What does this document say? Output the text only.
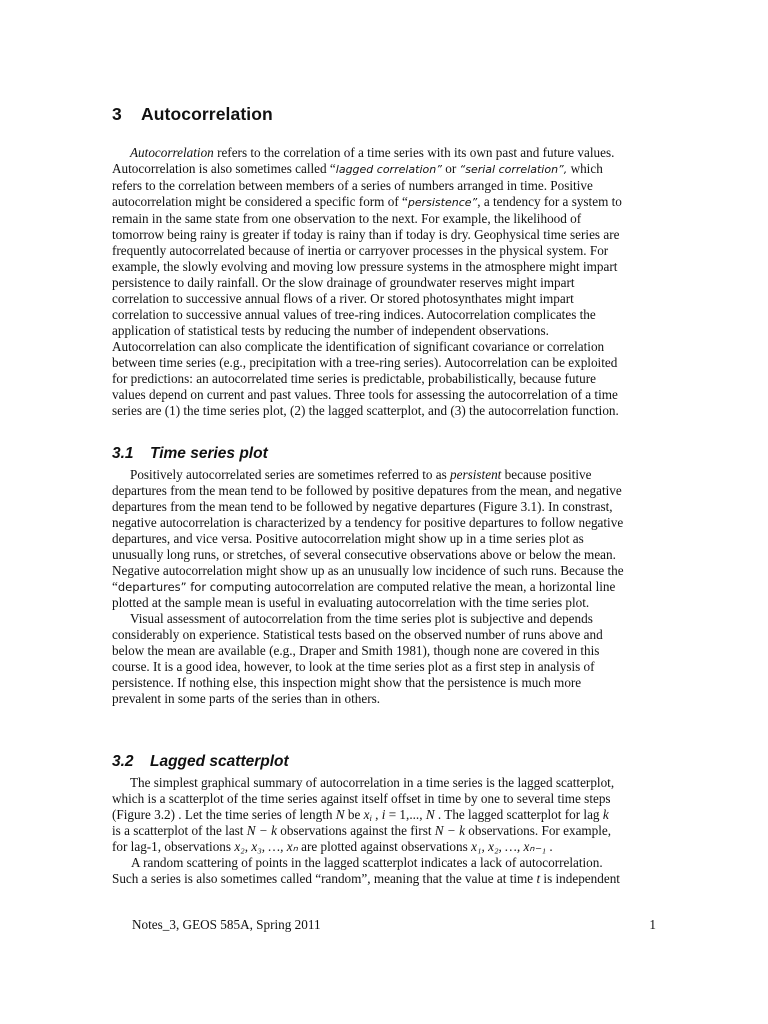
3 Autocorrelation
Autocorrelation refers to the correlation of a time series with its own past and future values.
Autocorrelation is also sometimes called “lagged correlation” or “serial correlation”, which
refers to the correlation between members of a series of numbers arranged in time. Positive
autocorrelation might be considered a specific form of “persistence”, a tendency for a system to
remain in the same state from one observation to the next. For example, the likelihood of
tomorrow being rainy is greater if today is rainy than if today is dry. Geophysical time series are
frequently autocorrelated because of inertia or carryover processes in the physical system. For
example, the slowly evolving and moving low pressure systems in the atmosphere might impart
persistence to daily rainfall. Or the slow drainage of groundwater reserves might impart
correlation to successive annual flows of a river. Or stored photosynthates might impart
correlation to successive annual values of tree-ring indices. Autocorrelation complicates the
application of statistical tests by reducing the number of independent observations.
Autocorrelation can also complicate the identification of significant covariance or correlation
between time series (e.g., precipitation with a tree-ring series). Autocorrelation can be exploited
for predictions: an autocorrelated time series is predictable, probabilistically, because future
values depend on current and past values. Three tools for assessing the autocorrelation of a time
series are (1) the time series plot, (2) the lagged scatterplot, and (3) the autocorrelation function.
3.1 Time series plot
Positively autocorrelated series are sometimes referred to as persistent because positive
departures from the mean tend to be followed by positive depatures from the mean, and negative
departures from the mean tend to be followed by negative departures (Figure 3.1). In constrast,
negative autocorrelation is characterized by a tendency for positive departures to follow negative
departures, and vice versa. Positive autocorrelation might show up in a time series plot as
unusually long runs, or stretches, of several consecutive observations above or below the mean.
Negative autocorrelation might show up as an unusually low incidence of such runs. Because the
“departures” for computing autocorrelation are computed relative the mean, a horizontal line
plotted at the sample mean is useful in evaluating autocorrelation with the time series plot.
Visual assessment of autocorrelation from the time series plot is subjective and depends
considerably on experience. Statistical tests based on the observed number of runs above and
below the mean are available (e.g., Draper and Smith 1981), though none are covered in this
course. It is a good idea, however, to look at the time series plot as a first step in analysis of
persistence. If nothing else, this inspection might show that the persistence is much more
prevalent in some parts of the series than in others.
3.2 Lagged scatterplot
The simplest graphical summary of autocorrelation in a time series is the lagged scatterplot,
which is a scatterplot of the time series against itself offset in time by one to several time steps
(Figure 3.2) . Let the time series of length N be $x_i$ , i = 1,..., N . The lagged scatterplot for lag k
is a scatterplot of the last N − k observations against the first N − k observations. For example,
for lag-1, observations x₂, x₃, …, xₙ are plotted against observations x₁, x₂, …, xₙ₋₁ .
A random scattering of points in the lagged scatterplot indicates a lack of autocorrelation.
Such a series is also sometimes called “random”, meaning that the value at time t is independent
Notes_3, GEOS 585A, Spring 2011	1
